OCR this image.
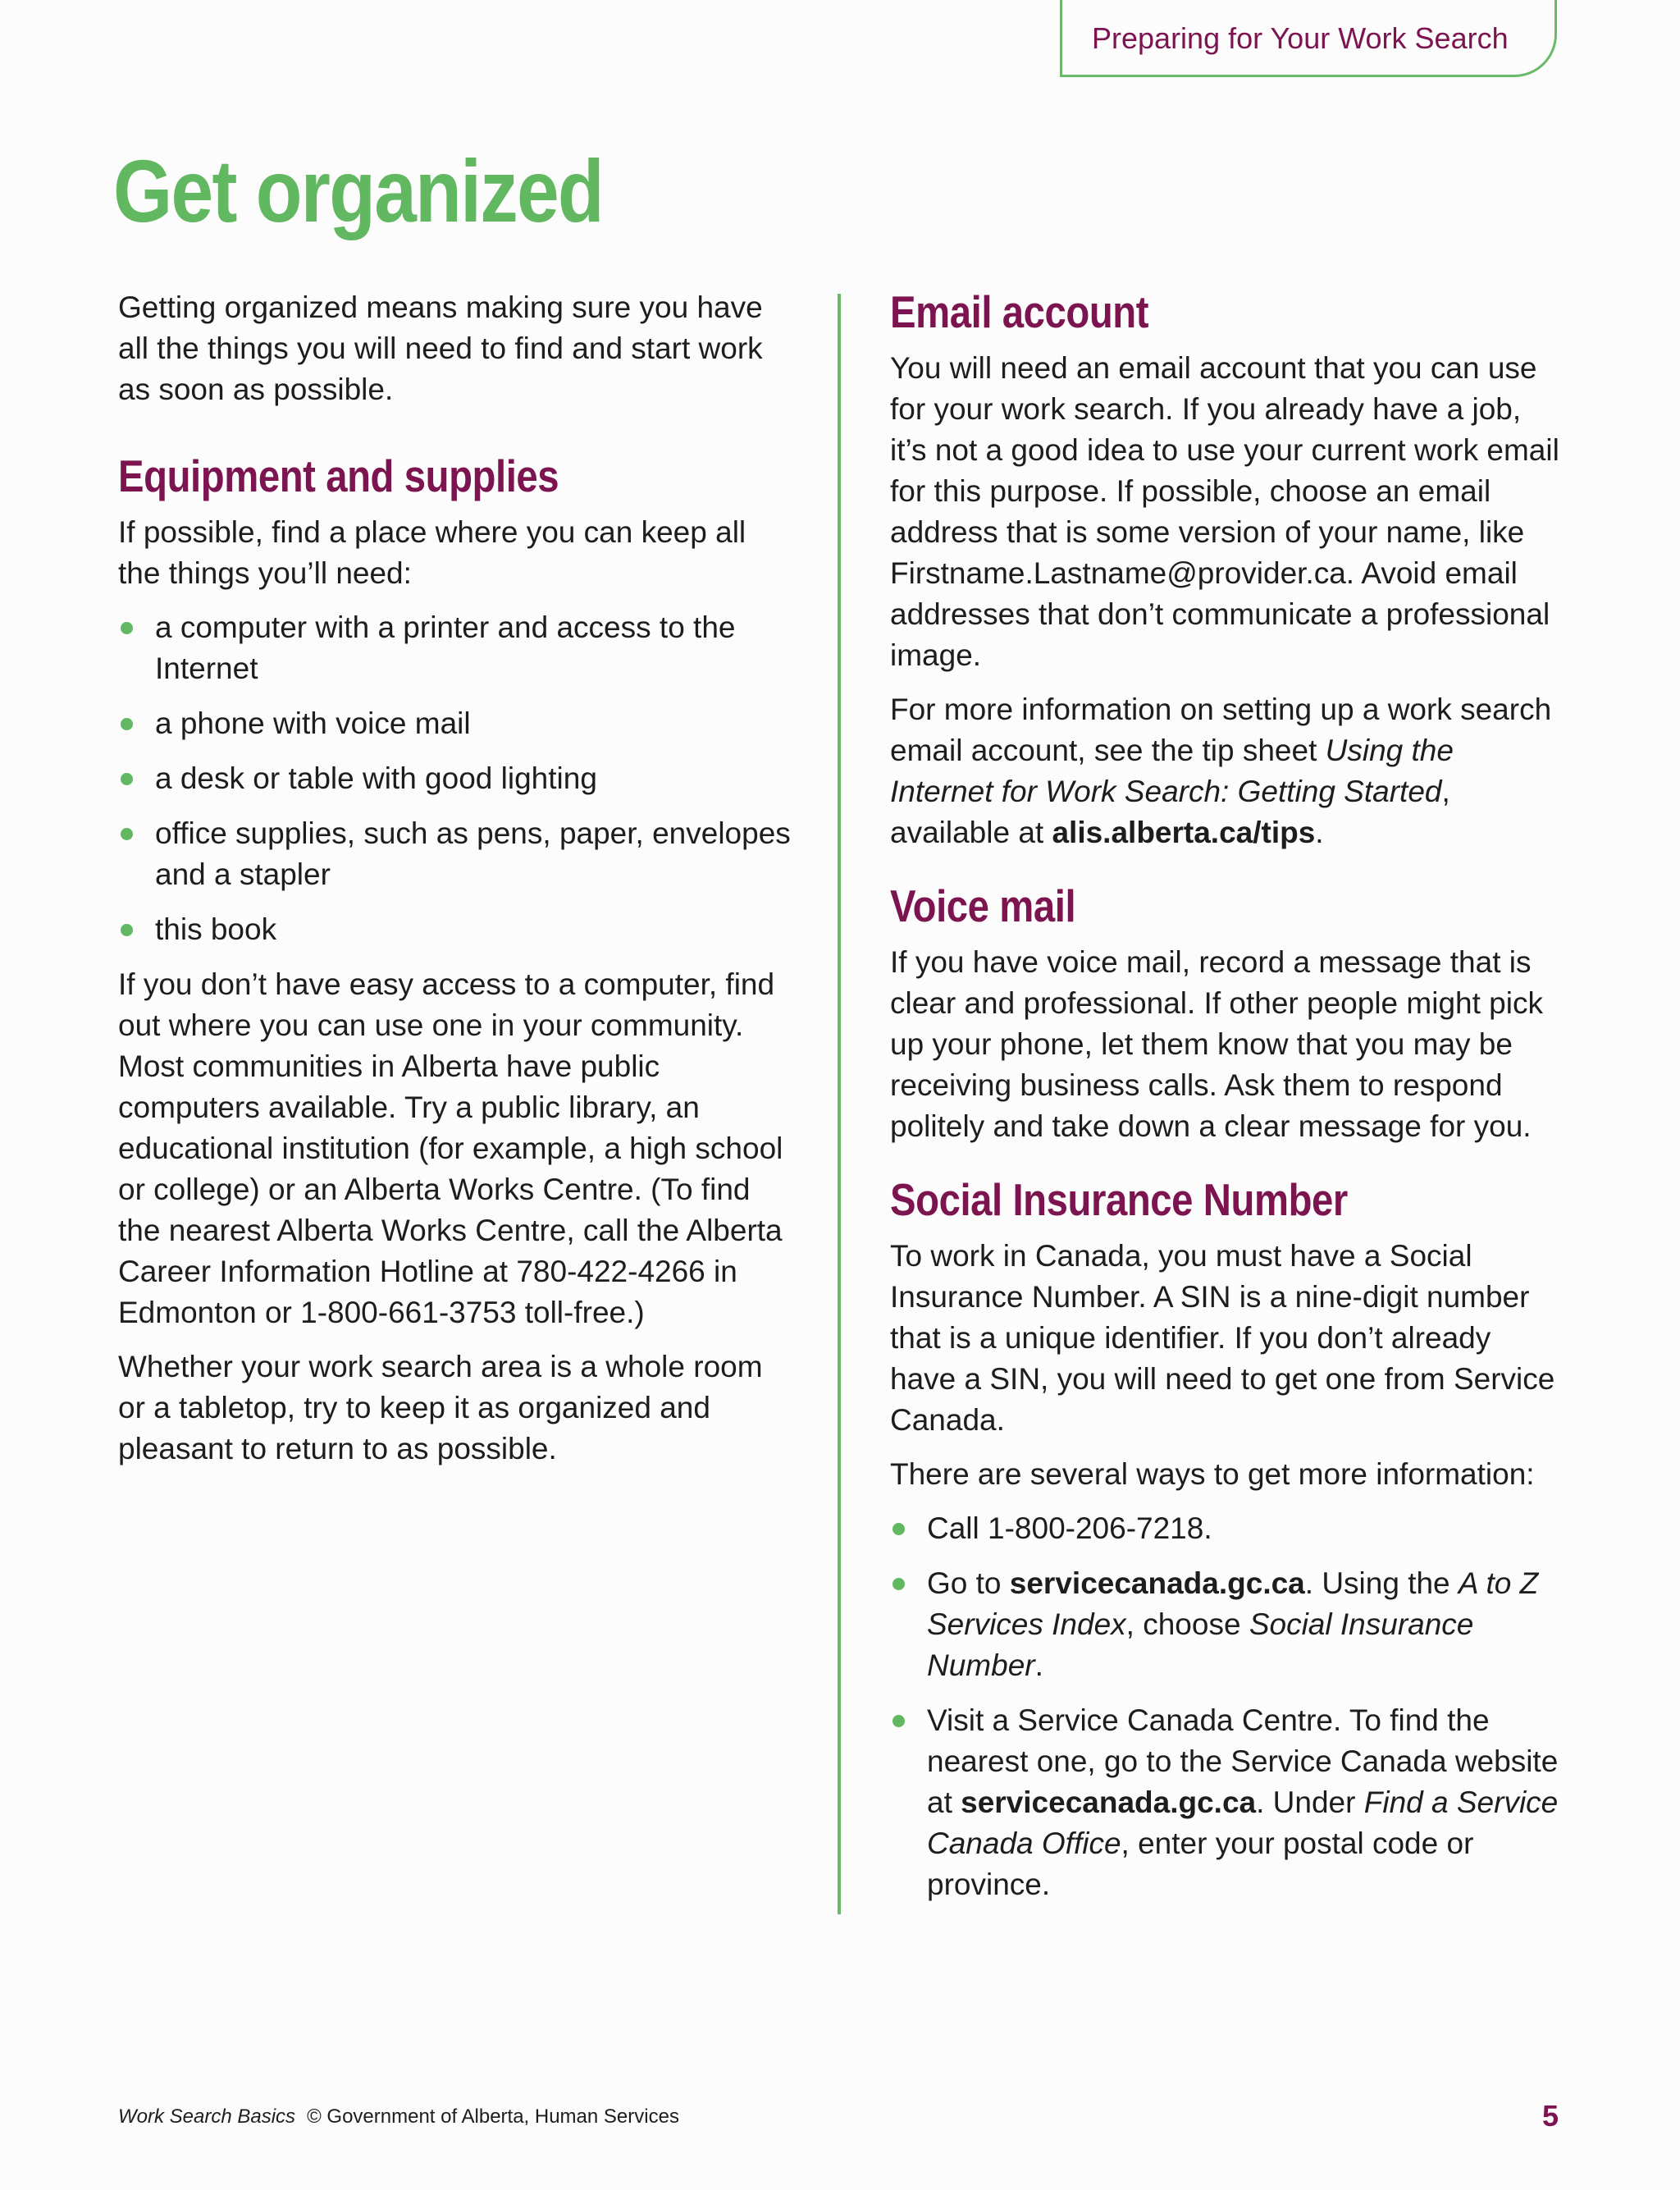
Preparing for Your Work Search
Get organized

Getting organized means making sure you have all the things you will need to find and start work as soon as possible.

Equipment and supplies

If possible, find a place where you can keep all the things you’ll need:

a computer with a printer and access to the Internet
a phone with voice mail
a desk or table with good lighting
office supplies, such as pens, paper, envelopes and a stapler
this book

If you don’t have easy access to a computer, find out where you can use one in your community. Most communities in Alberta have public computers available. Try a public library, an educational institution (for example, a high school or college) or an Alberta Works Centre. (To find the nearest Alberta Works Centre, call the Alberta Career Information Hotline at 780-422-4266 in Edmonton or 1-800-661-3753 toll-free.)

Whether your work search area is a whole room or a tabletop, try to keep it as organized and pleasant to return to as possible.

Email account

You will need an email account that you can use for your work search. If you already have a job, it’s not a good idea to use your current work email for this purpose. If possible, choose an email address that is some version of your name, like Firstname.Lastname@provider.ca. Avoid email addresses that don’t communicate a professional image.

For more information on setting up a work search email account, see the tip sheet Using the Internet for Work Search: Getting Started, available at alis.alberta.ca/tips.

Voice mail

If you have voice mail, record a message that is clear and professional. If other people might pick up your phone, let them know that you may be receiving business calls. Ask them to respond politely and take down a clear message for you.

Social Insurance Number

To work in Canada, you must have a Social Insurance Number. A SIN is a nine-digit number that is a unique identifier. If you don’t already have a SIN, you will need to get one from Service Canada.

There are several ways to get more information:

Call 1-800-206-7218.
Go to servicecanada.gc.ca. Using the A to Z Services Index, choose Social Insurance Number.
Visit a Service Canada Centre. To find the nearest one, go to the Service Canada website at servicecanada.gc.ca. Under Find a Service Canada Office, enter your postal code or province.
Work Search Basics © Government of Alberta, Human Services	5
